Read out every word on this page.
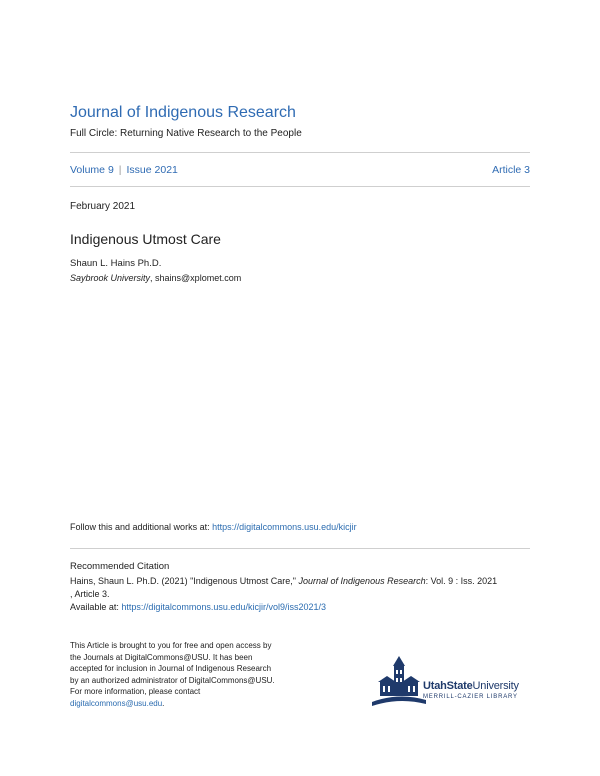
Journal of Indigenous Research
Full Circle: Returning Native Research to the People
Volume 9 | Issue 2021	Article 3
February 2021
Indigenous Utmost Care
Shaun L. Hains Ph.D.
Saybrook University, shains@xplomet.com
Follow this and additional works at: https://digitalcommons.usu.edu/kicjir
Recommended Citation
Hains, Shaun L. Ph.D. (2021) "Indigenous Utmost Care," Journal of Indigenous Research: Vol. 9 : Iss. 2021
, Article 3.
Available at: https://digitalcommons.usu.edu/kicjir/vol9/iss2021/3
This Article is brought to you for free and open access by
the Journals at DigitalCommons@USU. It has been
accepted for inclusion in Journal of Indigenous Research
by an authorized administrator of DigitalCommons@USU.
For more information, please contact
digitalcommons@usu.edu.
UtahStateUniversity
MERRILL-CAZIER LIBRARY
